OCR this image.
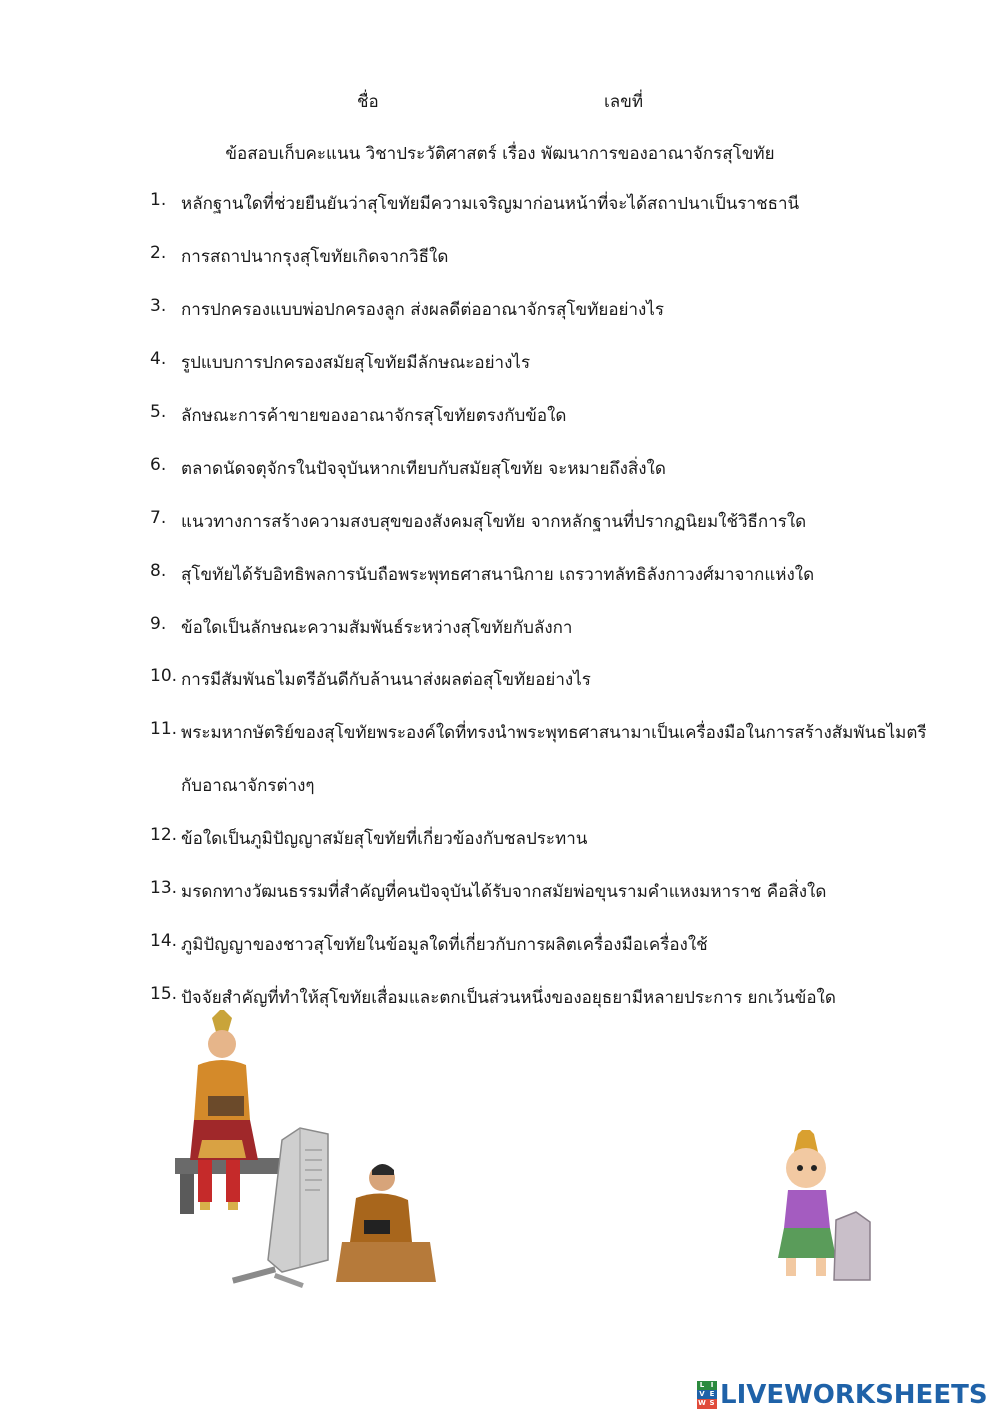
ชื่อ	เลขที่
ข้อสอบเก็บคะแนน วิชาประวัติศาสตร์ เรื่อง พัฒนาการของอาณาจักรสุโขทัย
1. หลักฐานใดที่ช่วยยืนยันว่าสุโขทัยมีความเจริญมาก่อนหน้าที่จะได้สถาปนาเป็นราชธานี
2. การสถาปนากรุงสุโขทัยเกิดจากวิธีใด
3. การปกครองแบบพ่อปกครองลูก ส่งผลดีต่ออาณาจักรสุโขทัยอย่างไร
4. รูปแบบการปกครองสมัยสุโขทัยมีลักษณะอย่างไร
5. ลักษณะการค้าขายของอาณาจักรสุโขทัยตรงกับข้อใด
6. ตลาดนัดจตุจักรในปัจจุบันหากเทียบกับสมัยสุโขทัย จะหมายถึงสิ่งใด
7. แนวทางการสร้างความสงบสุขของสังคมสุโขทัย จากหลักฐานที่ปรากฏนิยมใช้วิธีการใด
8. สุโขทัยได้รับอิทธิพลการนับถือพระพุทธศาสนานิกาย เถรวาทลัทธิลังกาวงศ์มาจากแห่งใด
9. ข้อใดเป็นลักษณะความสัมพันธ์ระหว่างสุโขทัยกับลังกา
10. การมีสัมพันธไมตรีอันดีกับล้านนาส่งผลต่อสุโขทัยอย่างไร
11. พระมหากษัตริย์ของสุโขทัยพระองค์ใดที่ทรงนำพระพุทธศาสนามาเป็นเครื่องมือในการสร้างสัมพันธไมตรี
กับอาณาจักรต่างๆ
12. ข้อใดเป็นภูมิปัญญาสมัยสุโขทัยที่เกี่ยวข้องกับชลประทาน
13. มรดกทางวัฒนธรรมที่สำคัญที่คนปัจจุบันได้รับจากสมัยพ่อขุนรามคำแหงมหาราช คือสิ่งใด
14. ภูมิปัญญาของชาวสุโขทัยในข้อมูลใดที่เกี่ยวกับการผลิตเครื่องมือเครื่องใช้
15. ปัจจัยสำคัญที่ทำให้สุโขทัยเสื่อมและตกเป็นส่วนหนึ่งของอยุธยามีหลายประการ ยกเว้นข้อใด
L I
V E
W S LIVEWORKSHEETS
